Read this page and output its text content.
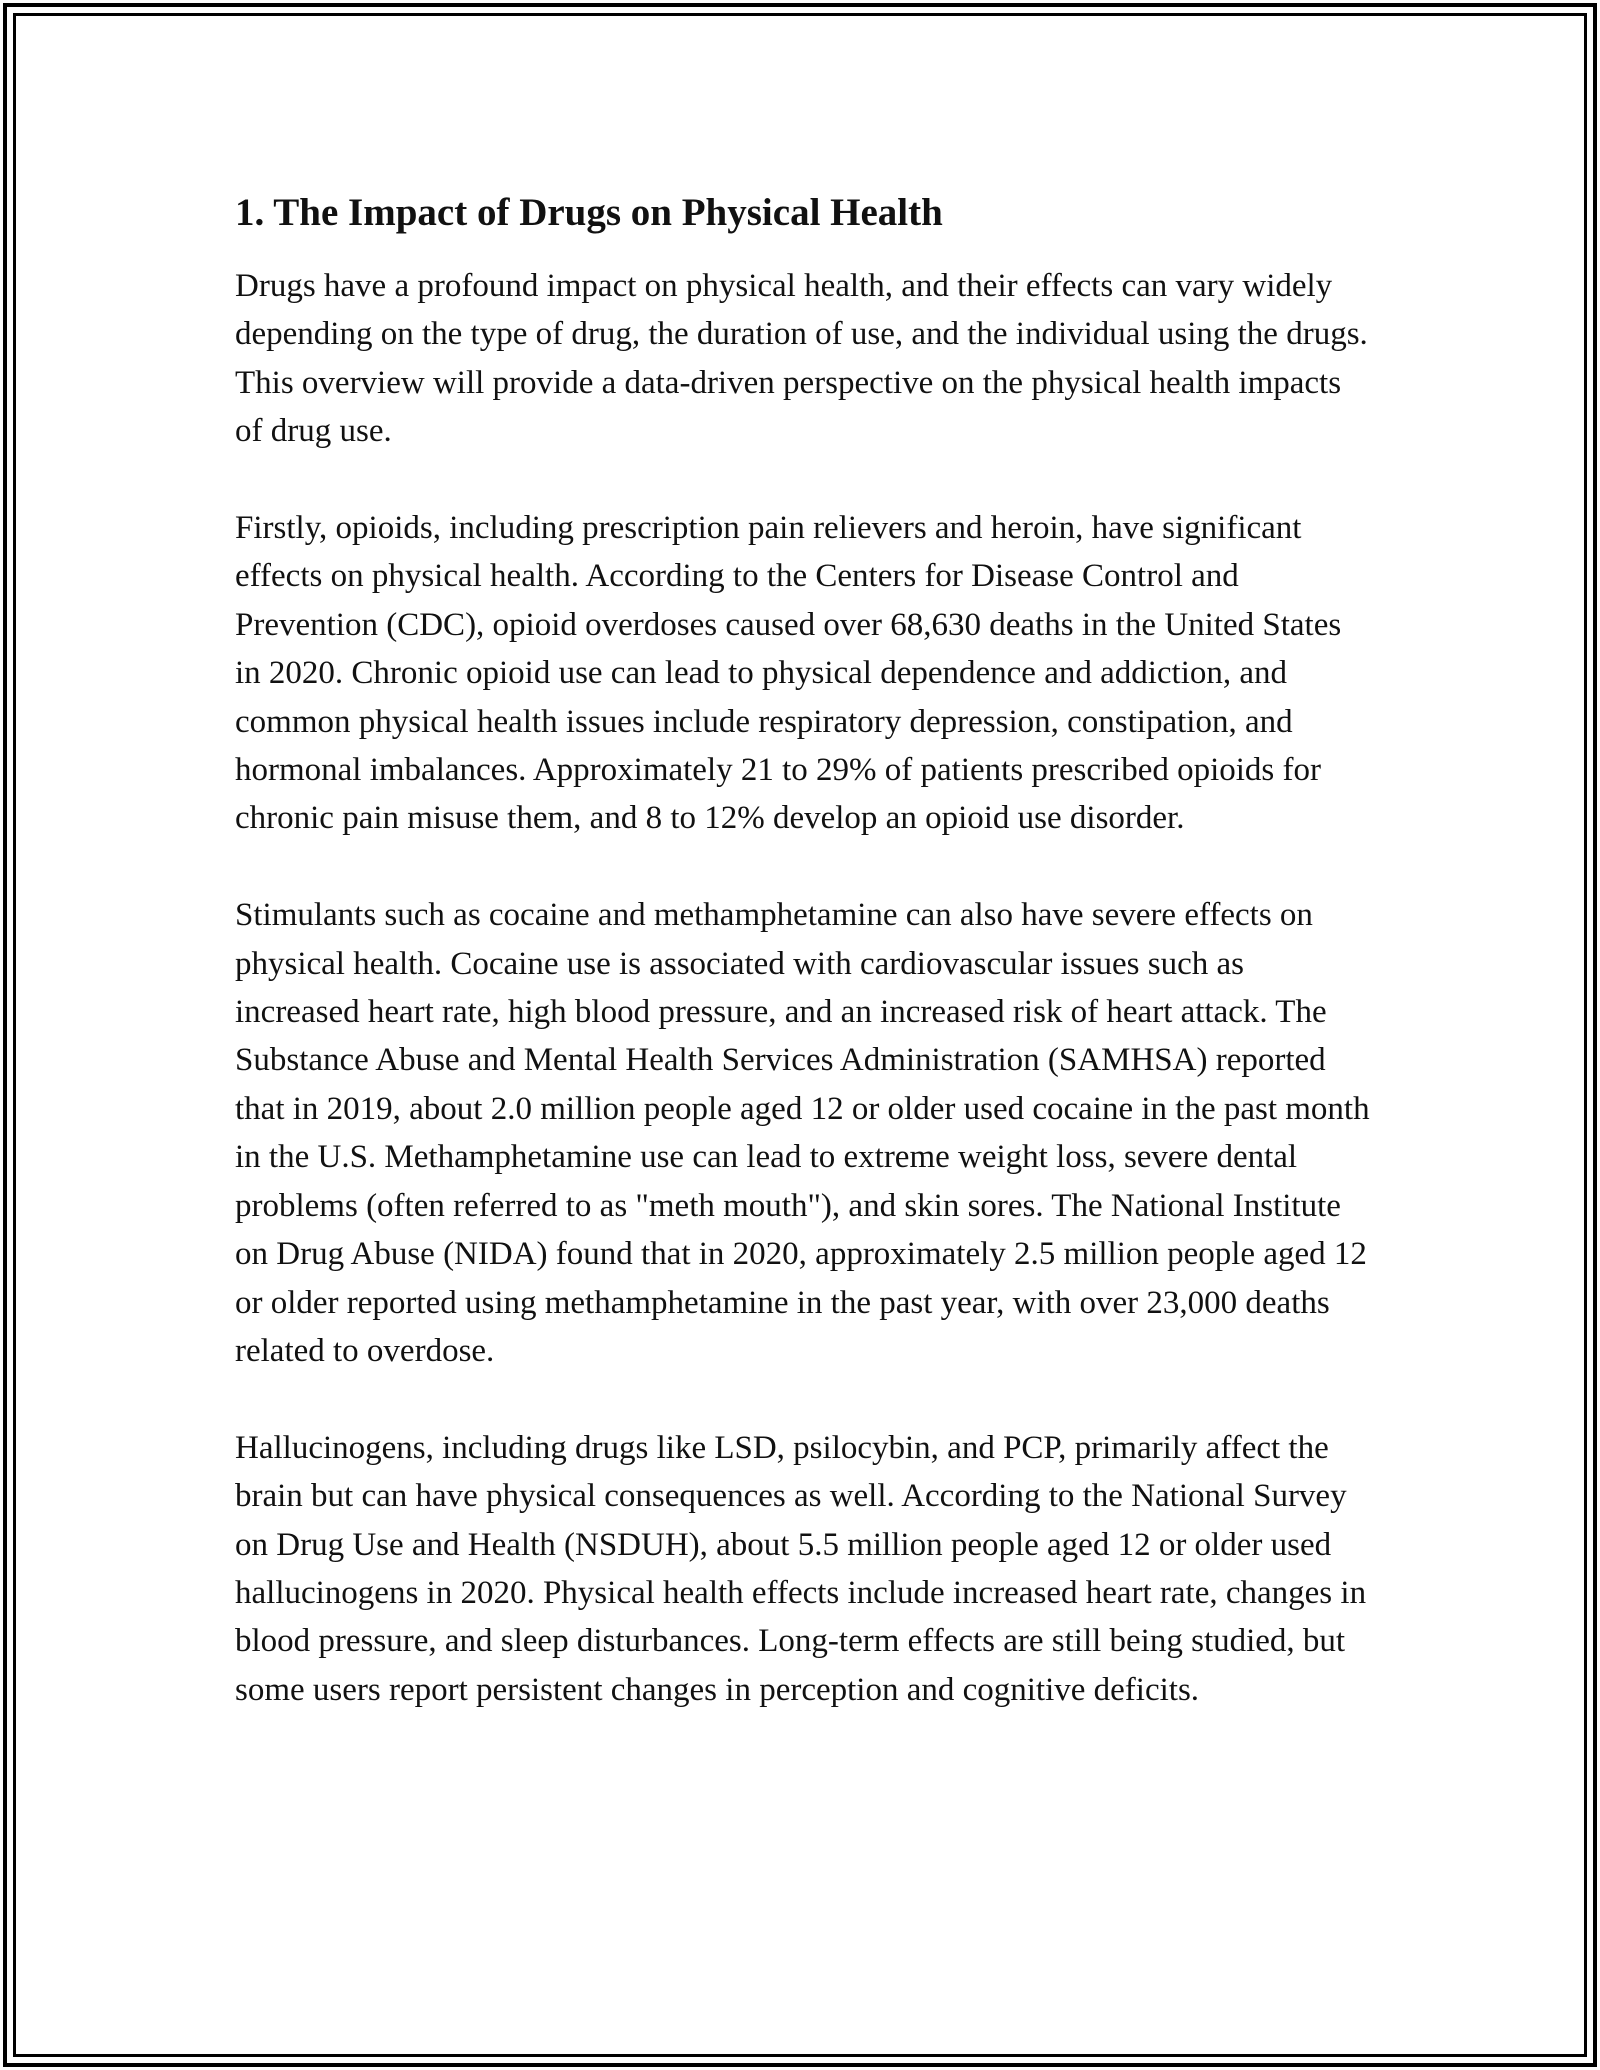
1. The Impact of Drugs on Physical Health

Drugs have a profound impact on physical health, and their effects can vary widely depending on the type of drug, the duration of use, and the individual using the drugs. This overview will provide a data-driven perspective on the physical health impacts of drug use.

Firstly, opioids, including prescription pain relievers and heroin, have significant effects on physical health. According to the Centers for Disease Control and Prevention (CDC), opioid overdoses caused over 68,630 deaths in the United States in 2020. Chronic opioid use can lead to physical dependence and addiction, and common physical health issues include respiratory depression, constipation, and hormonal imbalances. Approximately 21 to 29% of patients prescribed opioids for chronic pain misuse them, and 8 to 12% develop an opioid use disorder.

Stimulants such as cocaine and methamphetamine can also have severe effects on physical health. Cocaine use is associated with cardiovascular issues such as increased heart rate, high blood pressure, and an increased risk of heart attack. The Substance Abuse and Mental Health Services Administration (SAMHSA) reported that in 2019, about 2.0 million people aged 12 or older used cocaine in the past month in the U.S. Methamphetamine use can lead to extreme weight loss, severe dental problems (often referred to as "meth mouth"), and skin sores. The National Institute on Drug Abuse (NIDA) found that in 2020, approximately 2.5 million people aged 12 or older reported using methamphetamine in the past year, with over 23,000 deaths related to overdose.

Hallucinogens, including drugs like LSD, psilocybin, and PCP, primarily affect the brain but can have physical consequences as well. According to the National Survey on Drug Use and Health (NSDUH), about 5.5 million people aged 12 or older used hallucinogens in 2020. Physical health effects include increased heart rate, changes in blood pressure, and sleep disturbances. Long-term effects are still being studied, but some users report persistent changes in perception and cognitive deficits.
